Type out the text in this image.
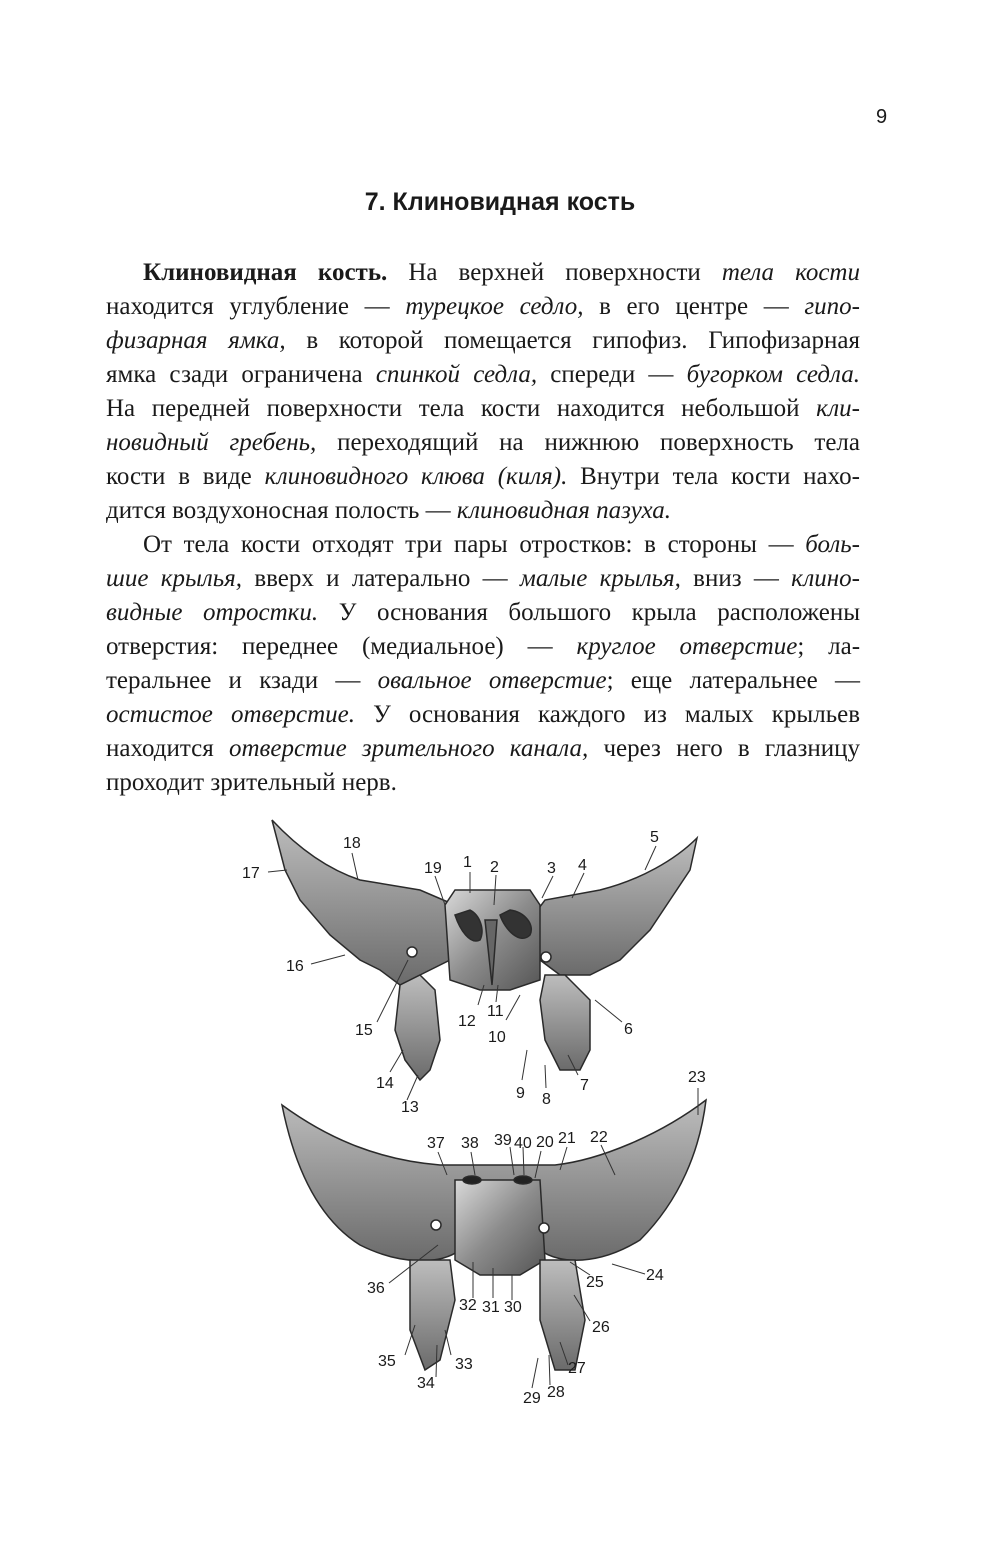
9
7. Клиновидная кость
Клиновидная кость. На верхней поверхности тела кости
находится углубление — турецкое седло, в его центре — гипо-
физарная ямка, в которой помещается гипофиз. Гипофизарная
ямка сзади ограничена спинкой седла, спереди — бугорком седла.
На передней поверхности тела кости находится небольшой кли-
новидный гребень, переходящий на нижнюю поверхность тела
кости в виде клиновидного клюва (киля). Внутри тела кости нахо-
дится воздухоносная полость — клиновидная пазуха.
От тела кости отходят три пары отростков: в стороны — боль-
шие крылья, вверх и латерально — малые крылья, вниз — клино-
видные отростки. У основания большого крыла расположены
отверстия: переднее (медиальное) — круглое отверстие; ла-
теральнее и кзади — овальное отверстие; еще латеральнее —
остистое отверстие. У основания каждого из малых крыльев
находится отверстие зрительного канала, через него в глазницу
проходит зрительный нерв.
1 2	3 4
5
6
7
8
9
10
11
12
13
14
15
16
17
18
19
23
37 38 39 40 20 21 22
24
25
26
27
28
29
30
31
32
33
34
35
36
